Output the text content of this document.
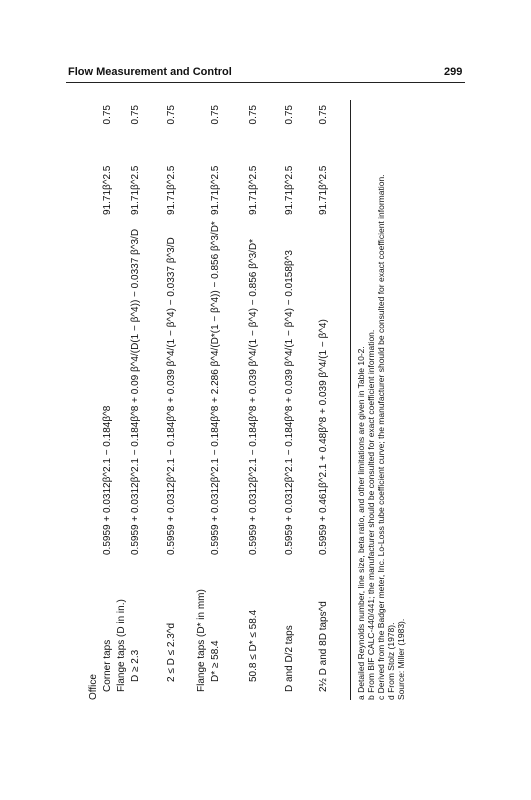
Flow Measurement and Control	299
Office Corner taps
0.5959 + 0.0312β^2.1 − 0.184β^8
91.71β^2.5
0.75
Flange taps (D in in.) D ≥ 2.3
0.5959 + 0.0312β^2.1 − 0.184β^8 + 0.09 β^4/(D(1 − β^4)) − 0.0337 β^3/D
91.71β^2.5
0.75
2 ≤ D ≤ 2.3^d
0.5959 + 0.0312β^2.1 − 0.184β^8 + 0.039 β^4/(1 − β^4) − 0.0337 β^3/D
91.71β^2.5
0.75
Flange taps (D* in mm) D* ≥ 58.4
0.5959 + 0.0312β^2.1 − 0.184β^8 + 2.286 β^4/(D*(1 − β^4)) − 0.856 β^3/D*
91.71β^2.5
0.75
50.8 ≤ D* ≤ 58.4
0.5959 + 0.0312β^2.1 − 0.184β^8 + 0.039 β^4/(1 − β^4) − 0.856 β^3/D*
91.71β^2.5
0.75
D and D/2 taps
0.5959 + 0.0312β^2.1 − 0.184β^8 + 0.039 β^4/(1 − β^4) − 0.0158β^3
91.71β^2.5
0.75
2½ D and 8D taps^d
0.5959 + 0.461β^2.1 + 0.48β^8 + 0.039 β^4/(1 − β^4)
91.71β^2.5
0.75
a Detailed Reynolds number, line size, beta ratio, and other limitations are given in Table 10-2. b From BIF CALC-440/441; the manufacturer should be consulted for exact coefficient information. c Derived from the Badger meter, Inc. Lo-Loss tube coefficient curve; the manufacturer should be consulted for exact coefficient information. d From Stolz (1978). Source: Miller (1983).
